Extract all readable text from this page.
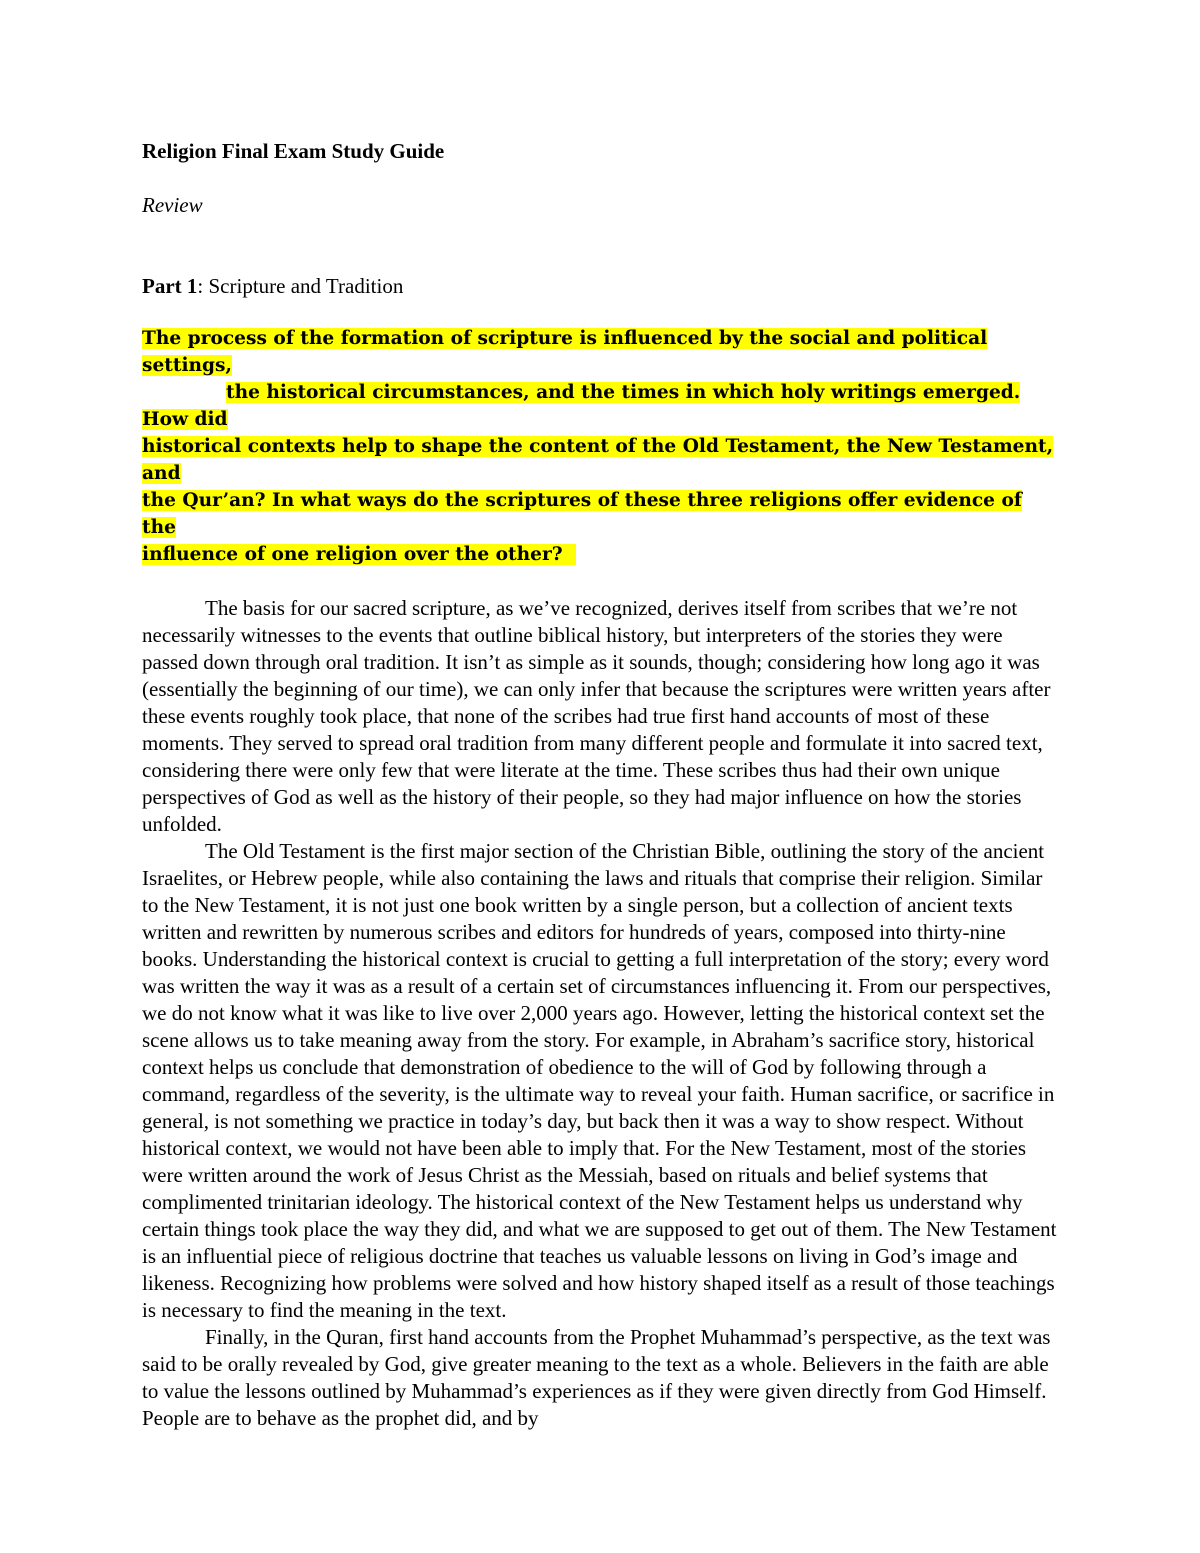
Religion Final Exam Study Guide

Review

Part 1: Scripture and Tradition

The process of the formation of scripture is influenced by the social and political settings,
the historical circumstances, and the times in which holy writings emerged. How did
historical contexts help to shape the content of the Old Testament, the New Testament, and
the Qur’an? In what ways do the scriptures of these three religions offer evidence of the
influence of one religion over the other?

The basis for our sacred scripture, as we’ve recognized, derives itself from scribes that we’re not necessarily witnesses to the events that outline biblical history, but interpreters of the stories they were passed down through oral tradition. It isn’t as simple as it sounds, though; considering how long ago it was (essentially the beginning of our time), we can only infer that because the scriptures were written years after these events roughly took place, that none of the scribes had true first hand accounts of most of these moments. They served to spread oral tradition from many different people and formulate it into sacred text, considering there were only few that were literate at the time. These scribes thus had their own unique perspectives of God as well as the history of their people, so they had major influence on how the stories unfolded.

The Old Testament is the first major section of the Christian Bible, outlining the story of the ancient Israelites, or Hebrew people, while also containing the laws and rituals that comprise their religion. Similar to the New Testament, it is not just one book written by a single person, but a collection of ancient texts written and rewritten by numerous scribes and editors for hundreds of years, composed into thirty-nine books. Understanding the historical context is crucial to getting a full interpretation of the story; every word was written the way it was as a result of a certain set of circumstances influencing it. From our perspectives, we do not know what it was like to live over 2,000 years ago. However, letting the historical context set the scene allows us to take meaning away from the story. For example, in Abraham’s sacrifice story, historical context helps us conclude that demonstration of obedience to the will of God by following through a command, regardless of the severity, is the ultimate way to reveal your faith. Human sacrifice, or sacrifice in general, is not something we practice in today’s day, but back then it was a way to show respect. Without historical context, we would not have been able to imply that. For the New Testament, most of the stories were written around the work of Jesus Christ as the Messiah, based on rituals and belief systems that complimented trinitarian ideology. The historical context of the New Testament helps us understand why certain things took place the way they did, and what we are supposed to get out of them. The New Testament is an influential piece of religious doctrine that teaches us valuable lessons on living in God’s image and likeness. Recognizing how problems were solved and how history shaped itself as a result of those teachings is necessary to find the meaning in the text.

Finally, in the Quran, first hand accounts from the Prophet Muhammad’s perspective, as the text was said to be orally revealed by God, give greater meaning to the text as a whole. Believers in the faith are able to value the lessons outlined by Muhammad’s experiences as if they were given directly from God Himself. People are to behave as the prophet did, and by
